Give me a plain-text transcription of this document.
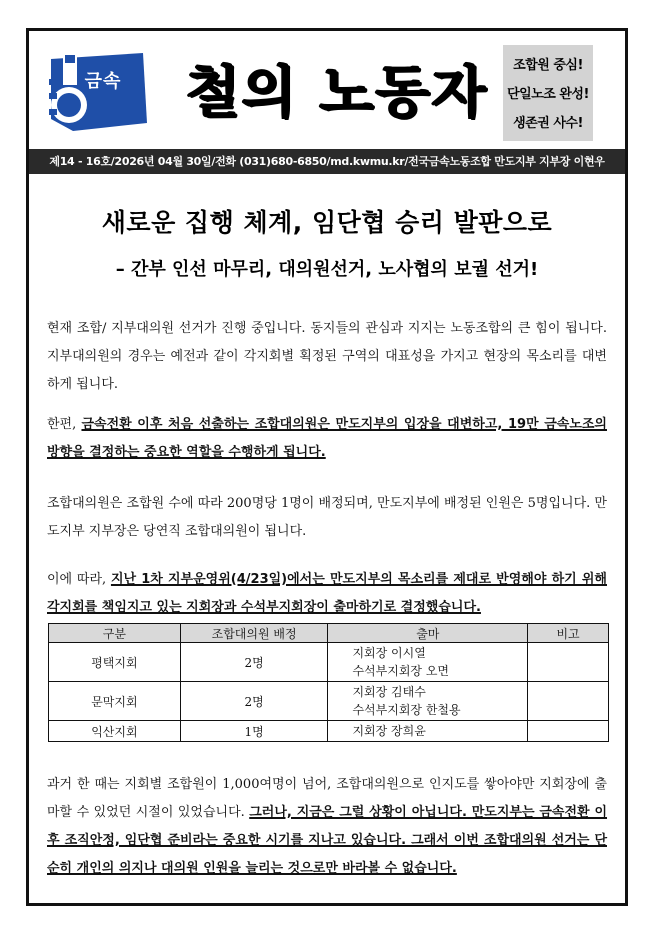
금속	철의 노동자	조합원 중심!
단일노조 완성!
생존권 사수!
제14 - 16호/2026년 04월 30일/전화 (031)680-6850/md.kwmu.kr/전국금속노동조합 만도지부 지부장 이현우
새로운 집행 체계, 임단협 승리 발판으로
– 간부 인선 마무리, 대의원선거, 노사협의 보궐 선거!

현재 조합/ 지부대의원 선거가 진행 중입니다. 동지들의 관심과 지지는 노동조합의 큰 힘이 됩니다. 지부대의원의 경우는 예전과 같이 각지회별 획정된 구역의 대표성을 가지고 현장의 목소리를 대변하게 됩니다.

한편, 금속전환 이후 처음 선출하는 조합대의원은 만도지부의 입장을 대변하고, 19만 금속노조의 방향을 결정하는 중요한 역할을 수행하게 됩니다.

조합대의원은 조합원 수에 따라 200명당 1명이 배정되며, 만도지부에 배정된 인원은 5명입니다. 만도지부 지부장은 당연직 조합대의원이 됩니다.

이에 따라, 지난 1차 지부운영위(4/23일)에서는 만도지부의 목소리를 제대로 반영해야 하기 위해 각지회를 책임지고 있는 지회장과 수석부지회장이 출마하기로 결정했습니다.

구분	조합대의원 배정	출마	비고
평택지회	2명	지회장 이시열
수석부지회장 오면	

문막지회	2명	지회장 김태수
수석부지회장 한철용	

익산지회	1명	지회장 장희윤	

과거 한 때는 지회별 조합원이 1,000여명이 넘어, 조합대의원으로 인지도를 쌓아야만 지회장에 출마할 수 있었던 시절이 있었습니다. 그러나, 지금은 그럴 상황이 아닙니다. 만도지부는 금속전환 이후 조직안정, 임단협 준비라는 중요한 시기를 지나고 있습니다. 그래서 이번 조합대의원 선거는 단순히 개인의 의지나 대의원 인원을 늘리는 것으로만 바라볼 수 없습니다.
